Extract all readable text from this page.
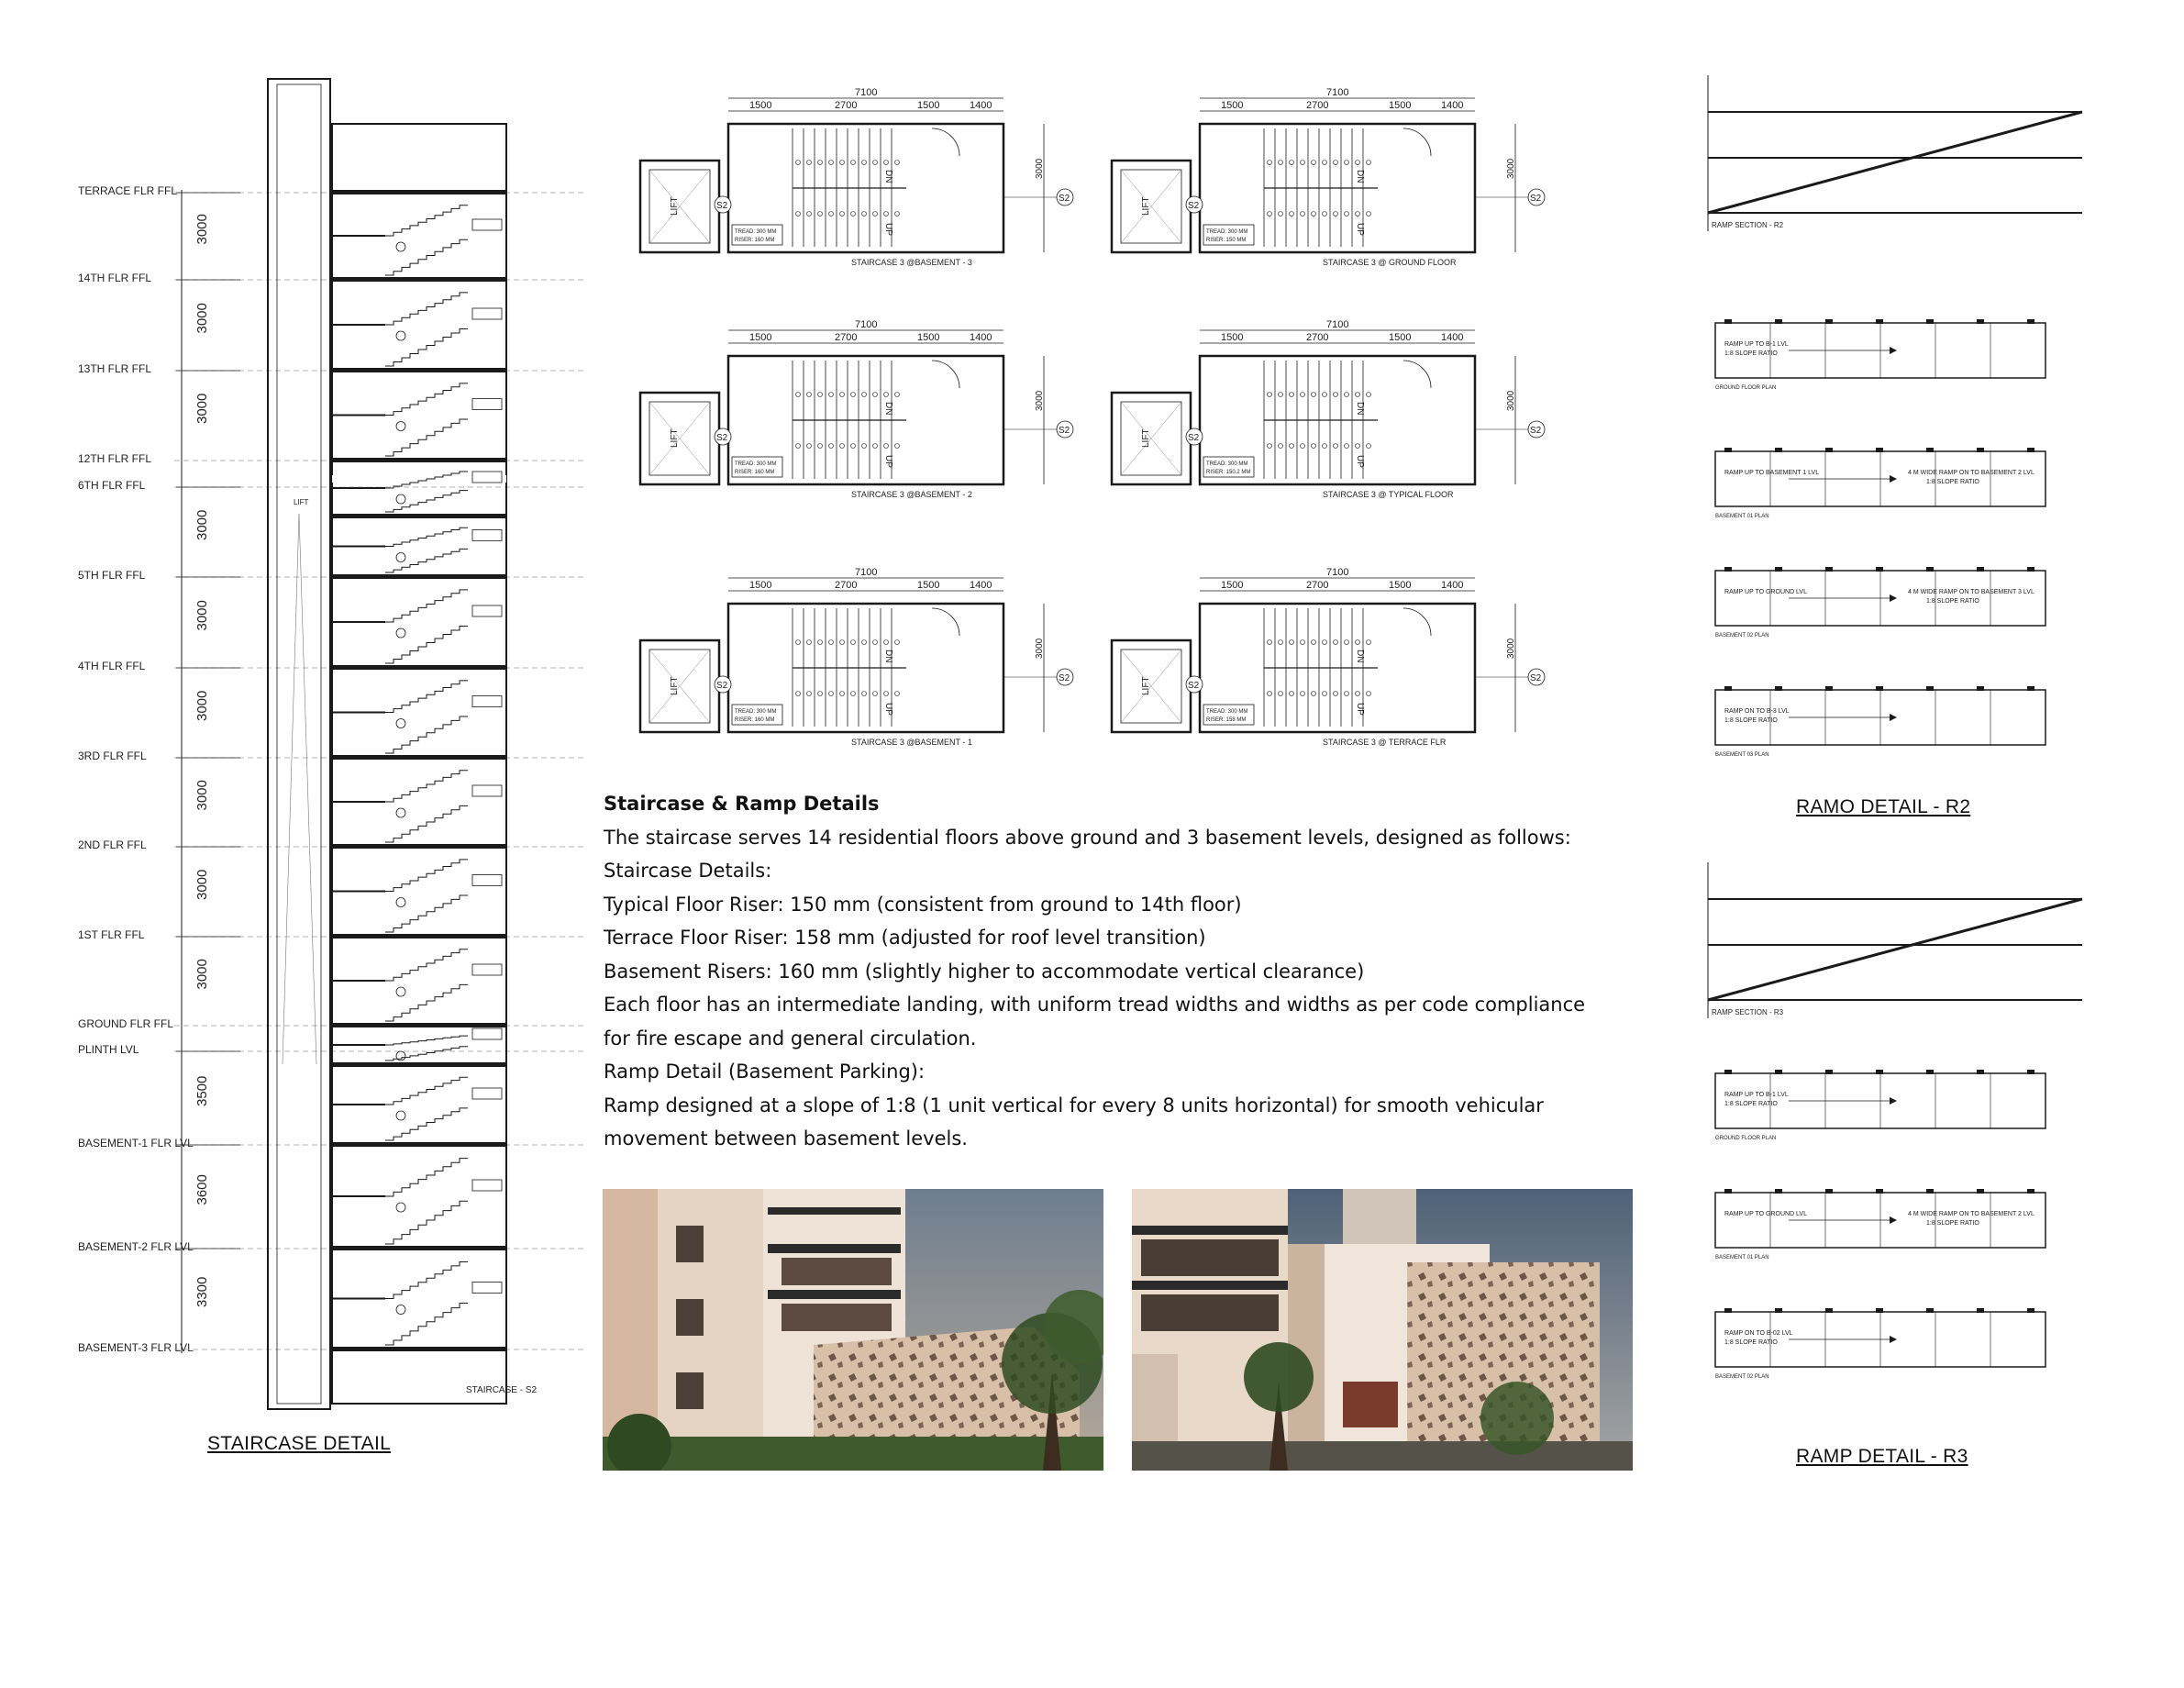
TERRACE FLR FFL
14TH FLR FFL
13TH FLR FFL
12TH FLR FFL
6TH FLR FFL
5TH FLR FFL
4TH FLR FFL
3RD FLR FFL
2ND FLR FFL
1ST FLR FFL
GROUND FLR FFL
PLINTH LVL
BASEMENT-1 FLR LVL
BASEMENT-2 FLR LVL
BASEMENT-3 FLR LVL
3000
3000
3000
3000
3000
3000
3000
3000
3000
3500
3600
3300
STAIRCASE - S2
LIFT
STAIRCASE DETAIL
7100
1500	2700	1500	1400
LIFT
DN
UP
TREAD: 300 MM
RISER: 160 MM
S2
S2
3000
STAIRCASE 3 @BASEMENT - 3
7100
1500	2700	1500	1400
LIFT
DN
UP
TREAD: 300 MM
RISER: 150 MM
S2
S2
3000
STAIRCASE 3 @ GROUND FLOOR
7100
1500	2700	1500	1400
LIFT
DN
UP
TREAD: 300 MM
RISER: 160 MM
S2
S2
3000
STAIRCASE 3 @BASEMENT - 2
7100
1500	2700	1500	1400
LIFT
DN
UP
TREAD: 300 MM
RISER: 150.2 MM
S2
S2
3000
STAIRCASE 3 @ TYPICAL FLOOR
7100
1500	2700	1500	1400
LIFT
DN
UP
TREAD: 300 MM
RISER: 160 MM
S2
S2
3000
STAIRCASE 3 @BASEMENT - 1
7100
1500	2700	1500	1400
LIFT
DN
UP
TREAD: 300 MM
RISER: 158 MM
S2
S2
3000
STAIRCASE 3 @ TERRACE FLR
RAMP SECTION - R2
RAMP UP TO B-1 LVL
1:8 SLOPE RATIO
GROUND FLOOR PLAN
RAMP UP TO BASEMENT 1 LVL	4 M WIDE RAMP ON TO BASEMENT 2 LVL
1:8 SLOPE RATIO
BASEMENT 01 PLAN
RAMP UP TO GROUND LVL	4 M WIDE RAMP ON TO BASEMENT 3 LVL
1:8 SLOPE RATIO
BASEMENT 02 PLAN
RAMP ON TO B-3 LVL
1:8 SLOPE RATIO
BASEMENT 03 PLAN
RAMP SECTION - R3
RAMP UP TO B-1 LVL
1:8 SLOPE RATIO
GROUND FLOOR PLAN
RAMP UP TO GROUND LVL	4 M WIDE RAMP ON TO BASEMENT 2 LVL
1:8 SLOPE RATIO
BASEMENT 01 PLAN
RAMP ON TO B-02 LVL
1:8 SLOPE RATIO
BASEMENT 02 PLAN
RAMO DETAIL - R2
RAMP DETAIL - R3
Staircase & Ramp Details
The staircase serves 14 residential floors above ground and 3 basement levels, designed as follows:
Staircase Details:
Typical Floor Riser: 150 mm (consistent from ground to 14th floor)
Terrace Floor Riser: 158 mm (adjusted for roof level transition)
Basement Risers: 160 mm (slightly higher to accommodate vertical clearance)
Each floor has an intermediate landing, with uniform tread widths and widths as per code compliance
for fire escape and general circulation.
Ramp Detail (Basement Parking):
Ramp designed at a slope of 1:8 (1 unit vertical for every 8 units horizontal) for smooth vehicular
movement between basement levels.
